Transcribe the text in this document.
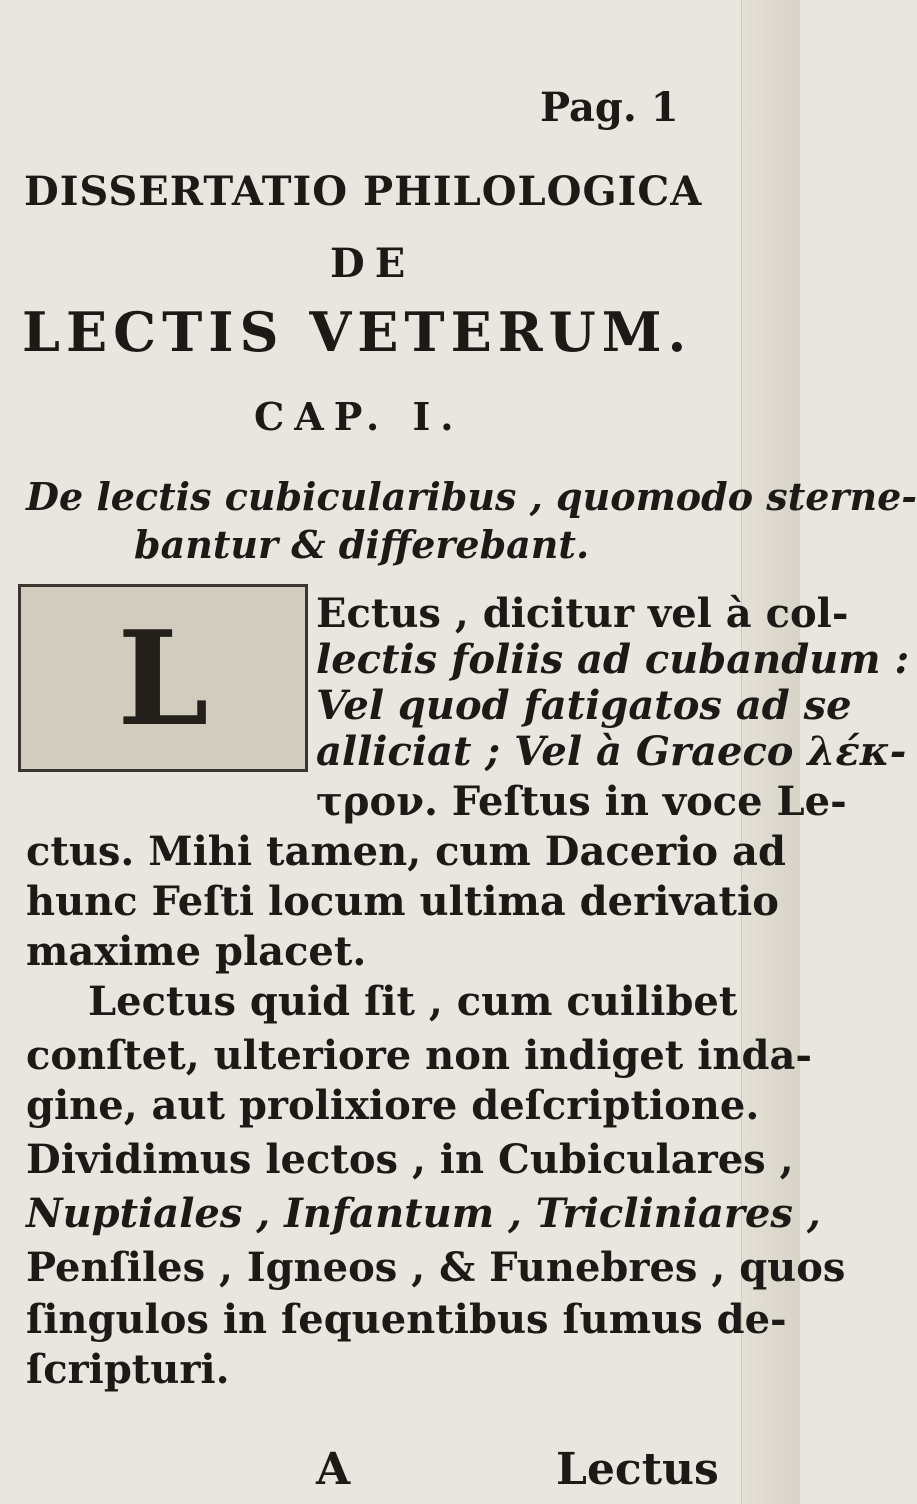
Pag. 1
DISSERTATIO PHILOLOGICA
DE
LECTIS VETERUM.
CAP. I.
De lectis cubicularibus , quomodo sterne-
bantur & differebant.
L	Ectus , dicitur vel à col-
lectis foliis ad cubandum :
Vel quod fatigatos ad se
alliciat ; Vel à Graeco λέκ-
τρον. Feſtus in voce Le-
ctus. Mihi tamen, cum Dacerio ad
hunc Feſti locum ultima derivatio
maxime placet.
Lectus quid ſit , cum cuilibet
conſtet, ulteriore non indiget inda-
gine, aut prolixiore deſcriptione.
Dividimus lectos , in Cubiculares ,
Nuptiales , Infantum , Tricliniares ,
Penſiles , Igneos , & Funebres , quos
ſingulos in ſequentibus ſumus de-
ſcripturi.
A	Lectus
